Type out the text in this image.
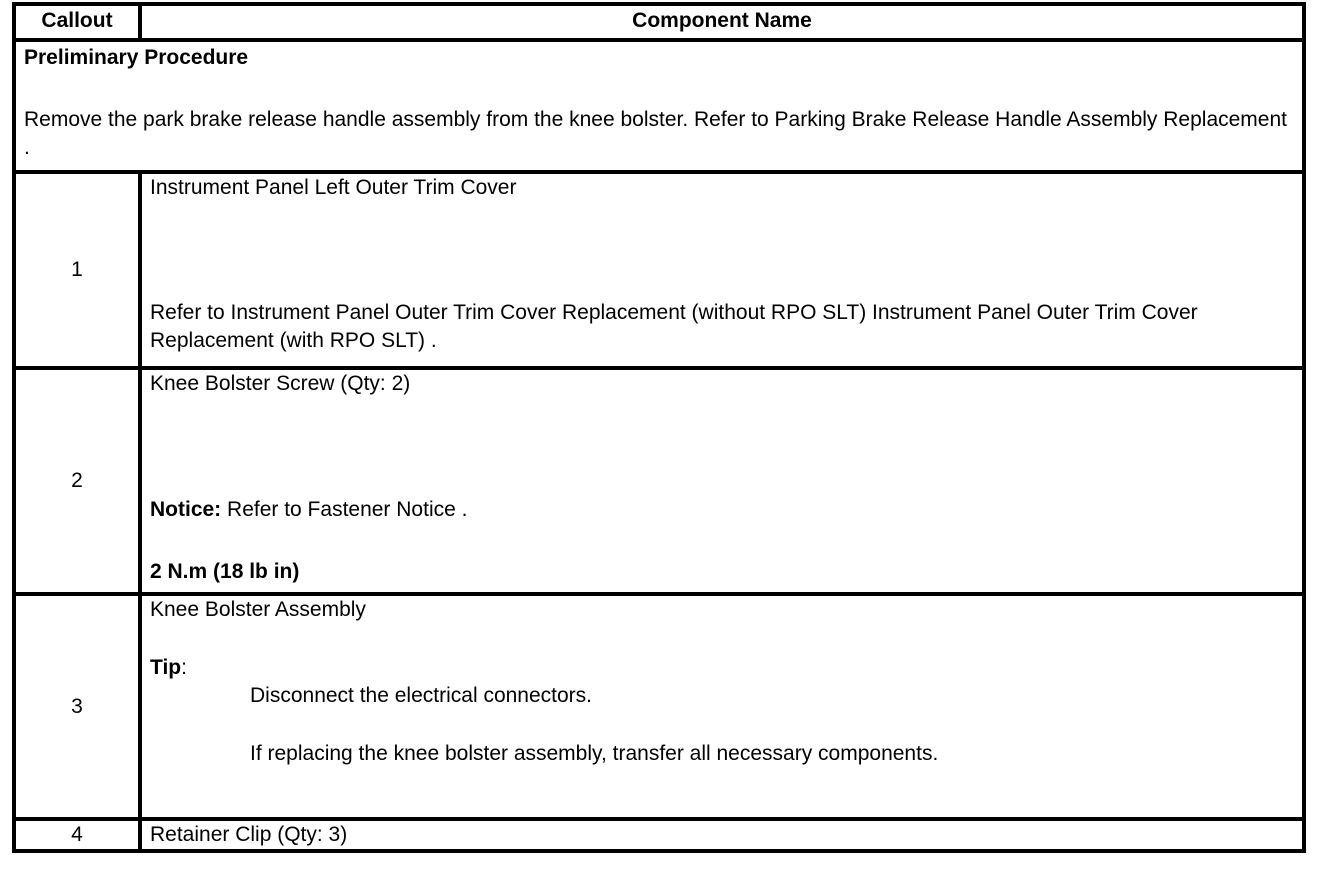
Callout	Component Name

Preliminary Procedure
Remove the park brake release handle assembly from the knee bolster. Refer to Parking Brake Release Handle Assembly Replacement .	

1	Instrument Panel Left Outer Trim Cover
Refer to Instrument Panel Outer Trim Cover Replacement (without RPO SLT) Instrument Panel Outer Trim Cover Replacement (with RPO SLT) .

2	Knee Bolster Screw (Qty: 2)
Notice: Refer to Fastener Notice .
2 N.m (18 lb in)

3	Knee Bolster Assembly
Tip:
Disconnect the electrical connectors.
If replacing the knee bolster assembly, transfer all necessary components.

4	Retainer Clip (Qty: 3)
